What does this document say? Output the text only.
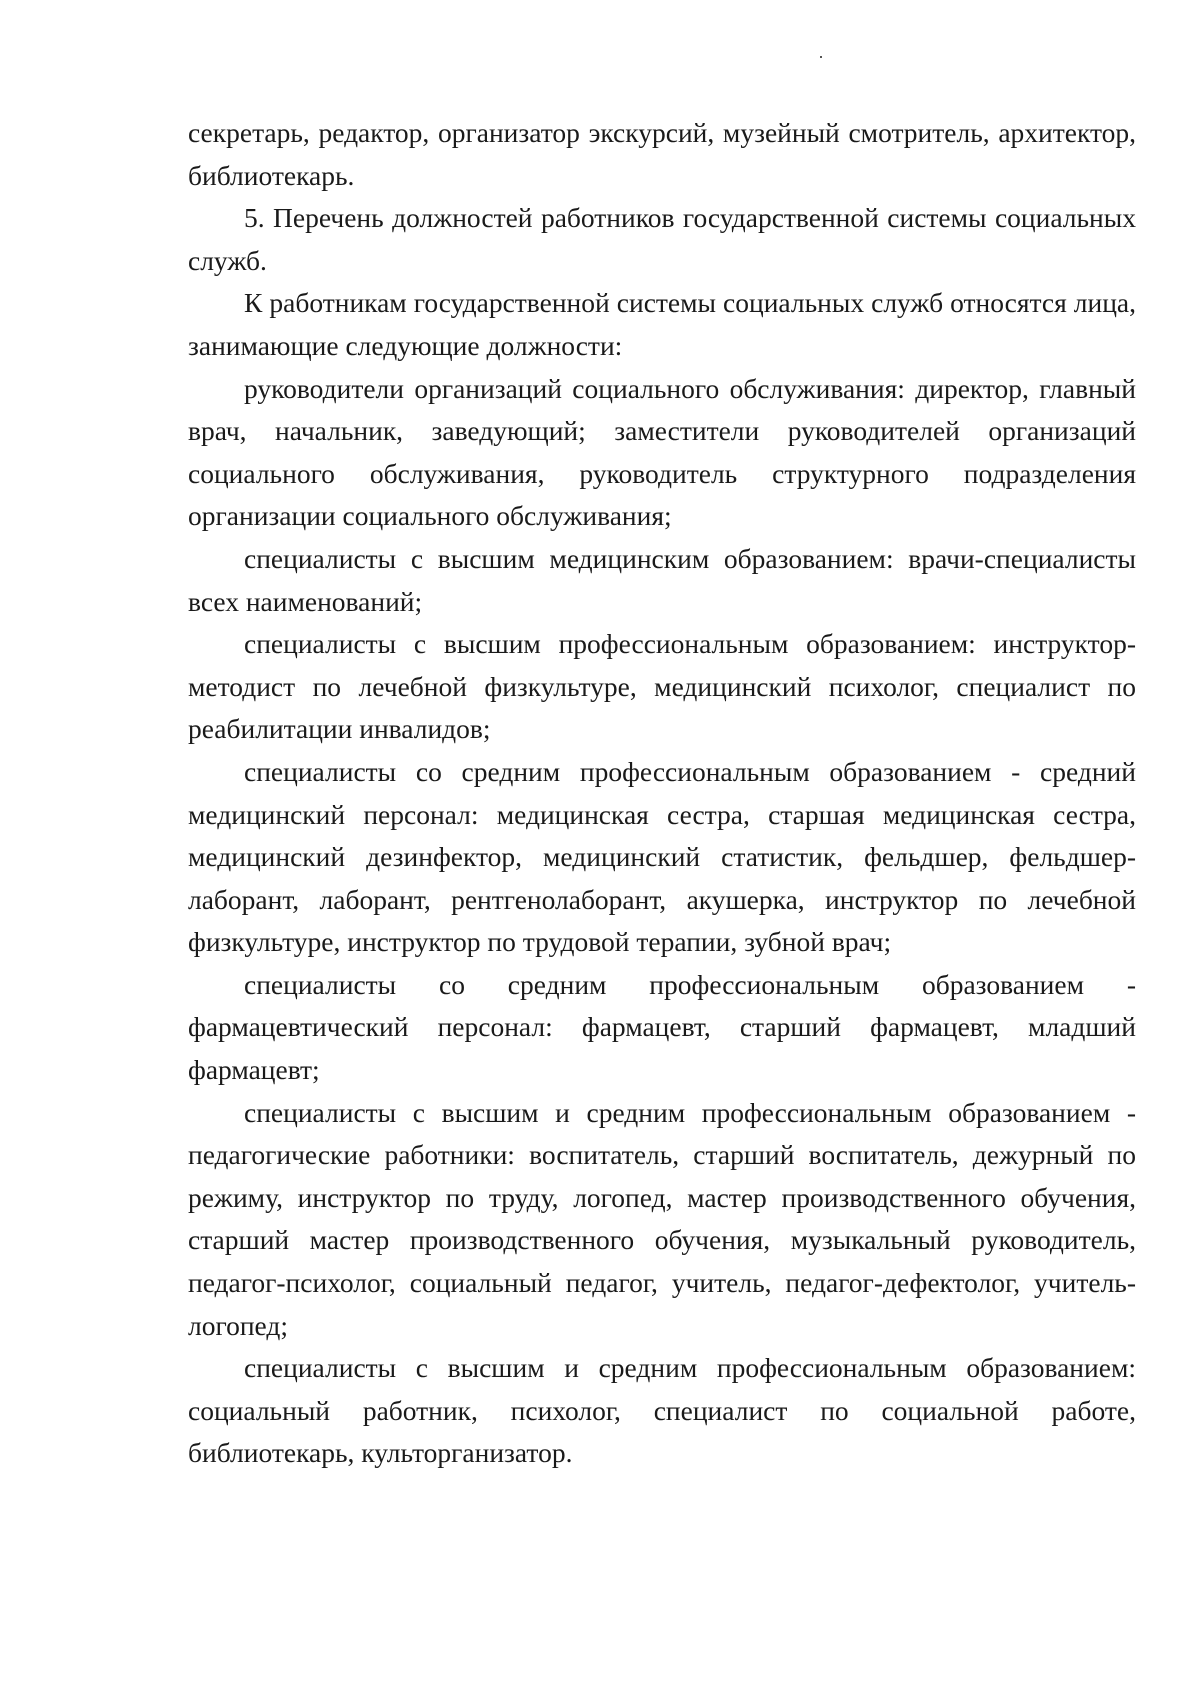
секретарь, редактор, организатор экскурсий, музейный смотритель, архитектор, библиотекарь.

5. Перечень должностей работников государственной системы социальных служб.

К работникам государственной системы социальных служб относятся лица, занимающие следующие должности:

руководители организаций социального обслуживания: директор, главный врач, начальник, заведующий; заместители руководителей организаций социального обслуживания, руководитель структурного подразделения организации социального обслуживания;

специалисты с высшим медицинским образованием: врачи-специалисты всех наименований;

специалисты с высшим профессиональным образованием: инструктор-методист по лечебной физкультуре, медицинский психолог, специалист по реабилитации инвалидов;

специалисты со средним профессиональным образованием - средний медицинский персонал: медицинская сестра, старшая медицинская сестра, медицинский дезинфектор, медицинский статистик, фельдшер, фельдшер-лаборант, лаборант, рентгенолаборант, акушерка, инструктор по лечебной физкультуре, инструктор по трудовой терапии, зубной врач;

специалисты со средним профессиональным образованием - фармацевтический персонал: фармацевт, старший фармацевт, младший фармацевт;

специалисты с высшим и средним профессиональным образованием - педагогические работники: воспитатель, старший воспитатель, дежурный по режиму, инструктор по труду, логопед, мастер производственного обучения, старший мастер производственного обучения, музыкальный руководитель, педагог-психолог, социальный педагог, учитель, педагог-дефектолог, учитель-логопед;

специалисты с высшим и средним профессиональным образованием: социальный работник, психолог, специалист по социальной работе, библиотекарь, культорганизатор.
